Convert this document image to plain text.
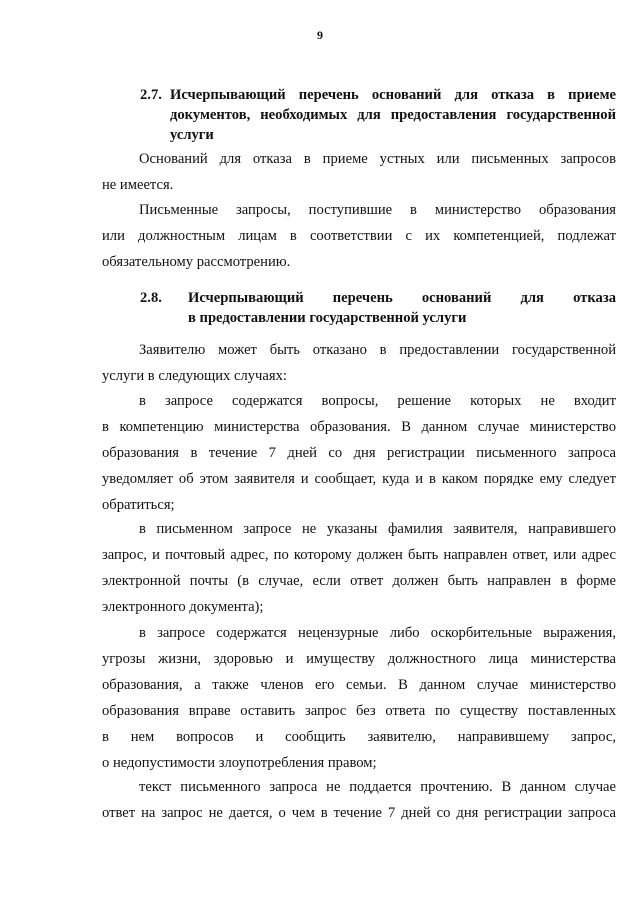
9
2.7. Исчерпывающий перечень оснований для отказа в приеме
документов, необходимых для предоставления государственной
услуги
Оснований для отказа в приеме устных или письменных запросов
не имеется.
Письменные запросы, поступившие в министерство образования
или должностным лицам в соответствии с их компетенцией, подлежат
обязательному рассмотрению.
2.8. Исчерпывающий перечень оснований для отказа
в предоставлении государственной услуги
Заявителю может быть отказано в предоставлении государственной
услуги в следующих случаях:
в запросе содержатся вопросы, решение которых не входит
в компетенцию министерства образования. В данном случае министерство
образования в течение 7 дней со дня регистрации письменного запроса
уведомляет об этом заявителя и сообщает, куда и в каком порядке ему следует
обратиться;
в письменном запросе не указаны фамилия заявителя, направившего
запрос, и почтовый адрес, по которому должен быть направлен ответ, или адрес
электронной почты (в случае, если ответ должен быть направлен в форме
электронного документа);
в запросе содержатся нецензурные либо оскорбительные выражения,
угрозы жизни, здоровью и имуществу должностного лица министерства
образования, а также членов его семьи. В данном случае министерство
образования вправе оставить запрос без ответа по существу поставленных
в нем вопросов и сообщить заявителю, направившему запрос,
о недопустимости злоупотребления правом;
текст письменного запроса не поддается прочтению. В данном случае
ответ на запрос не дается, о чем в течение 7 дней со дня регистрации запроса
